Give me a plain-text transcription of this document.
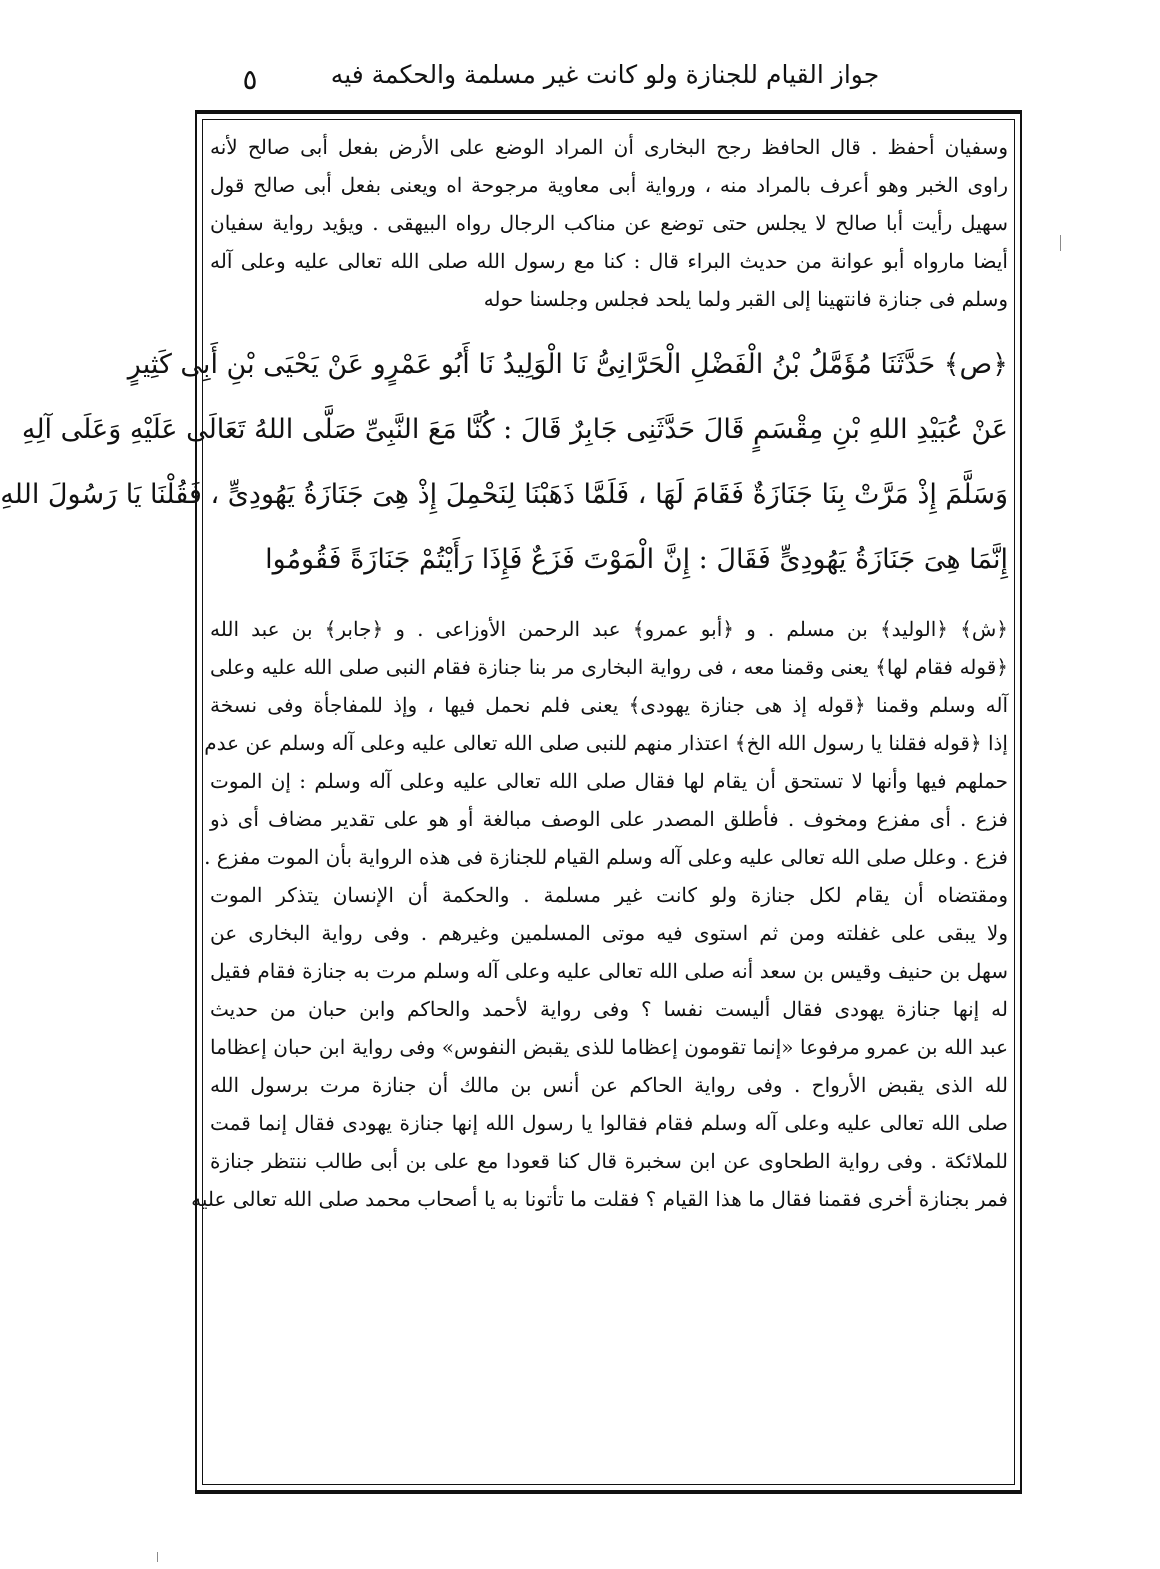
جواز القيام للجنازة ولو كانت غير مسلمة والحكمة فيه
٥
وسفيان أحفظ . قال الحافظ رجح البخارى أن المراد الوضع على الأرض بفعل أبى صالح لأنه
راوى الخبر وهو أعرف بالمراد منه ، ورواية أبى معاوية مرجوحة اه ويعنى بفعل أبى صالح قول
سهيل رأيت أبا صالح لا يجلس حتى توضع عن مناكب الرجال رواه البيهقى . ويؤيد رواية سفيان
أيضا مارواه أبو عوانة من حديث البراء قال : كنا مع رسول الله صلى الله تعالى عليه وعلى آله
وسلم فى جنازة فانتهينا إلى القبر ولما يلحد فجلس وجلسنا حوله
﴿ص﴾ حَدَّثَنَا مُؤَمَّلُ بْنُ الْفَضْلِ الْحَرَّانِىُّ نَا الْوَلِيدُ نَا أَبُو عَمْرٍو عَنْ يَحْيَى بْنِ أَبِى كَثِيرٍ
عَنْ عُبَيْدِ اللهِ بْنِ مِقْسَمٍ قَالَ حَدَّثَنِى جَابِرٌ قَالَ : كُنَّا مَعَ النَّبِىِّ صَلَّى اللهُ تَعَالَى عَلَيْهِ وَعَلَى آلِهِ
وَسَلَّمَ إِذْ مَرَّتْ بِنَا جَنَازَةٌ فَقَامَ لَهَا ، فَلَمَّا ذَهَبْنَا لِنَحْمِلَ إِذْ هِىَ جَنَازَةُ يَهُودِىٍّ ، فَقُلْنَا يَا رَسُولَ اللهِ
إِنَّمَا هِىَ جَنَازَةُ يَهُودِىٍّ فَقَالَ : إِنَّ الْمَوْتَ فَزَعٌ فَإِذَا رَأَيْتُمْ جَنَازَةً فَقُومُوا
﴿ش﴾ ﴿الوليد﴾ بن مسلم . و ﴿أبو عمرو﴾ عبد الرحمن الأوزاعى . و ﴿جابر﴾ بن عبد الله
﴿قوله فقام لها﴾ يعنى وقمنا معه ، فى رواية البخارى مر بنا جنازة فقام النبى صلى الله عليه وعلى
آله وسلم وقمنا ﴿قوله إذ هى جنازة يهودى﴾ يعنى فلم نحمل فيها ، وإذ للمفاجأة وفى نسخة
إذا ﴿قوله فقلنا يا رسول الله الخ﴾ اعتذار منهم للنبى صلى الله تعالى عليه وعلى آله وسلم عن عدم
حملهم فيها وأنها لا تستحق أن يقام لها فقال صلى الله تعالى عليه وعلى آله وسلم : إن الموت
فزع . أى مفزع ومخوف . فأطلق المصدر على الوصف مبالغة أو هو على تقدير مضاف أى ذو
فزع . وعلل صلى الله تعالى عليه وعلى آله وسلم القيام للجنازة فى هذه الرواية بأن الموت مفزع .
ومقتضاه أن يقام لكل جنازة ولو كانت غير مسلمة . والحكمة أن الإنسان يتذكر الموت
ولا يبقى على غفلته ومن ثم استوى فيه موتى المسلمين وغيرهم . وفى رواية البخارى عن
سهل بن حنيف وقيس بن سعد أنه صلى الله تعالى عليه وعلى آله وسلم مرت به جنازة فقام فقيل
له إنها جنازة يهودى فقال أليست نفسا ؟ وفى رواية لأحمد والحاكم وابن حبان من حديث
عبد الله بن عمرو مرفوعا «إنما تقومون إعظاما للذى يقبض النفوس» وفى رواية ابن حبان إعظاما
لله الذى يقبض الأرواح . وفى رواية الحاكم عن أنس بن مالك أن جنازة مرت برسول الله
صلى الله تعالى عليه وعلى آله وسلم فقام فقالوا يا رسول الله إنها جنازة يهودى فقال إنما قمت
للملائكة . وفى رواية الطحاوى عن ابن سخبرة قال كنا قعودا مع على بن أبى طالب ننتظر جنازة
فمر بجنازة أخرى فقمنا فقال ما هذا القيام ؟ فقلت ما تأتونا به يا أصحاب محمد صلى الله تعالى عليه
